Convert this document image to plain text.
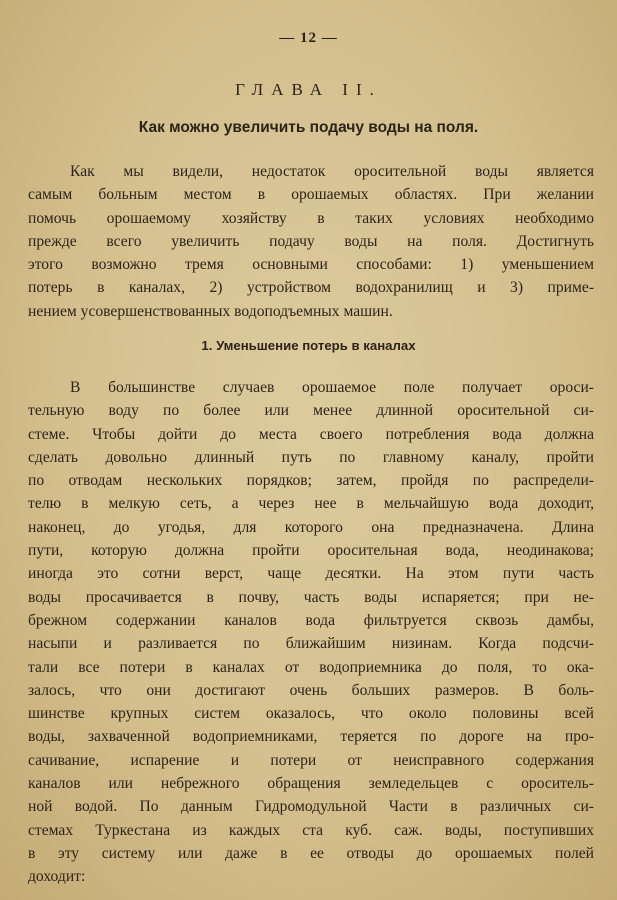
— 12 —
ГЛАВА II.
Как можно увеличить подачу воды на поля.
Как мы видели, недостаток оросительной воды является
самым больным местом в орошаемых областях. При желании
помочь орошаемому хозяйству в таких условиях необходимо
прежде всего увеличить подачу воды на поля. Достигнуть
этого возможно тремя основными способами: 1) уменьшением
потерь в каналах, 2) устройством водохранилищ и 3) приме-
нением усовершенствованных водоподъемных машин.
1. Уменьшение потерь в каналах
В большинстве случаев орошаемое поле получает ороси-
тельную воду по более или менее длинной оросительной си-
стеме. Чтобы дойти до места своего потребления вода должна
сделать довольно длинный путь по главному каналу, пройти
по отводам нескольких порядков; затем, пройдя по распредели-
телю в мелкую сеть, а через нее в мельчайшую вода доходит,
наконец, до угодья, для которого она предназначена. Длина
пути, которую должна пройти оросительная вода, неодинакова;
иногда это сотни верст, чаще десятки. На этом пути часть
воды просачивается в почву, часть воды испаряется; при не-
брежном содержании каналов вода фильтруется сквозь дамбы,
насыпи и разливается по ближайшим низинам. Когда подсчи-
тали все потери в каналах от водоприемника до поля, то ока-
залось, что они достигают очень больших размеров. В боль-
шинстве крупных систем оказалось, что около половины всей
воды, захваченной водоприемниками, теряется по дороге на про-
сачивание, испарение и потери от неисправного содержания
каналов или небрежного обращения земледельцев с ороситель-
ной водой. По данным Гидромодульной Части в различных си-
стемах Туркестана из каждых ста куб. саж. воды, поступивших
в эту систему или даже в ее отводы до орошаемых полей
доходит:
